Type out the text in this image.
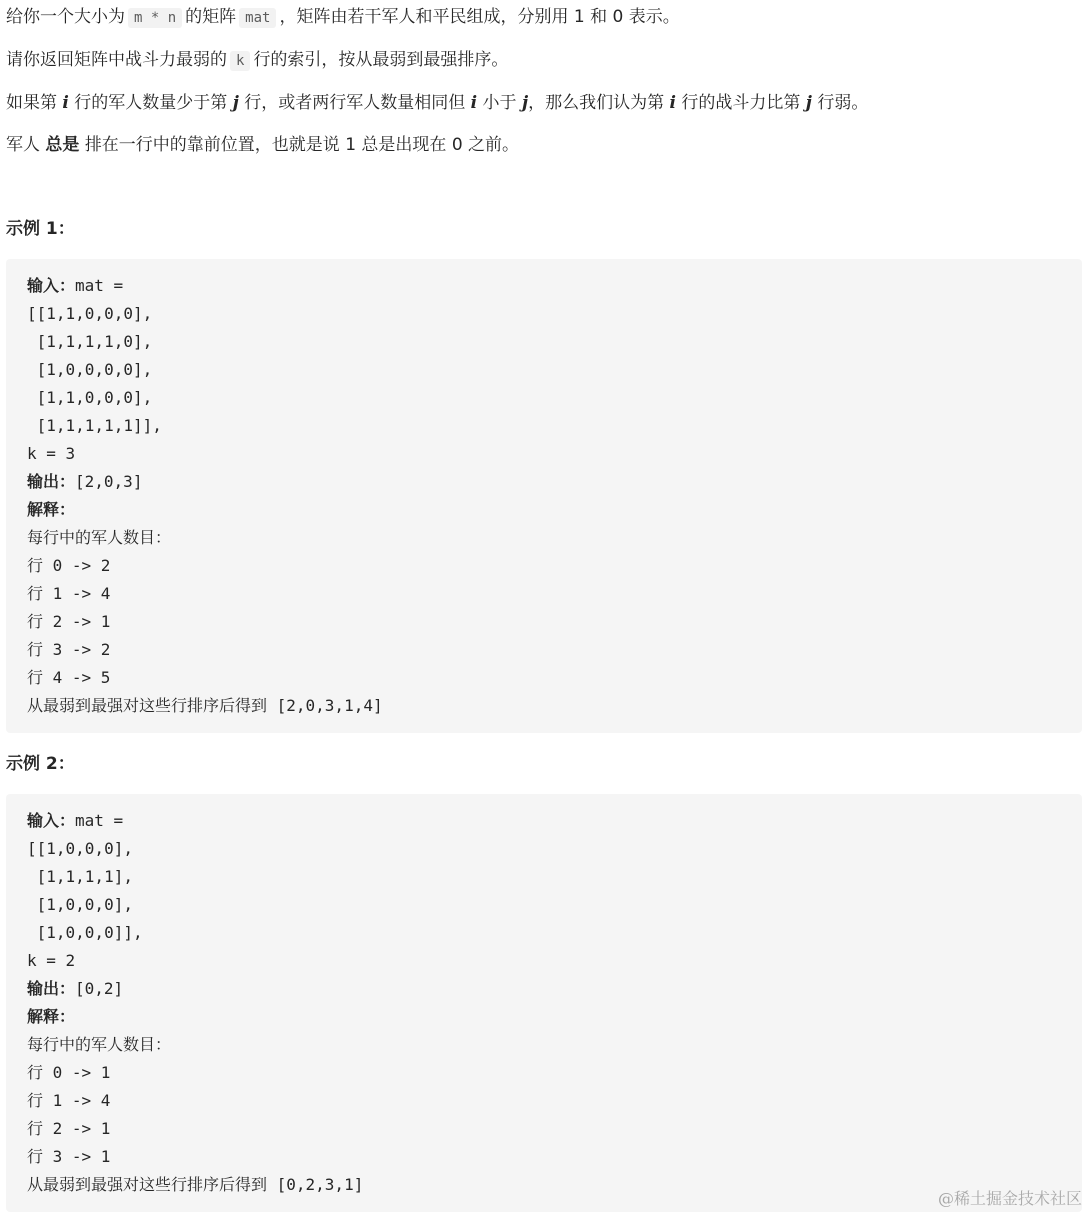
给你一个大小为 m * n 的矩阵 mat ，矩阵由若干军人和平民组成，分别用 1 和 0 表示。

请你返回矩阵中战斗力最弱的 k 行的索引，按从最弱到最强排序。

如果第 i 行的军人数量少于第 j 行，或者两行军人数量相同但 i 小于 j，那么我们认为第 i 行的战斗力比第 j 行弱。

军人 总是 排在一行中的靠前位置，也就是说 1 总是出现在 0 之前。

示例 1：
输入：mat =
[[1,1,0,0,0],
[1,1,1,1,0],
[1,0,0,0,0],
[1,1,0,0,0],
[1,1,1,1,1]],
k = 3
输出：[2,0,3]
解释：
每行中的军人数目：
行 0 -> 2
行 1 -> 4
行 2 -> 1
行 3 -> 2
行 4 -> 5
从最弱到最强对这些行排序后得到 [2,0,3,1,4]
示例 2：
输入：mat =
[[1,0,0,0],
[1,1,1,1],
[1,0,0,0],
[1,0,0,0]],
k = 2
输出：[0,2]
解释：
每行中的军人数目：
行 0 -> 1
行 1 -> 4
行 2 -> 1
行 3 -> 1
从最弱到最强对这些行排序后得到 [0,2,3,1]
@稀土掘金技术社区
